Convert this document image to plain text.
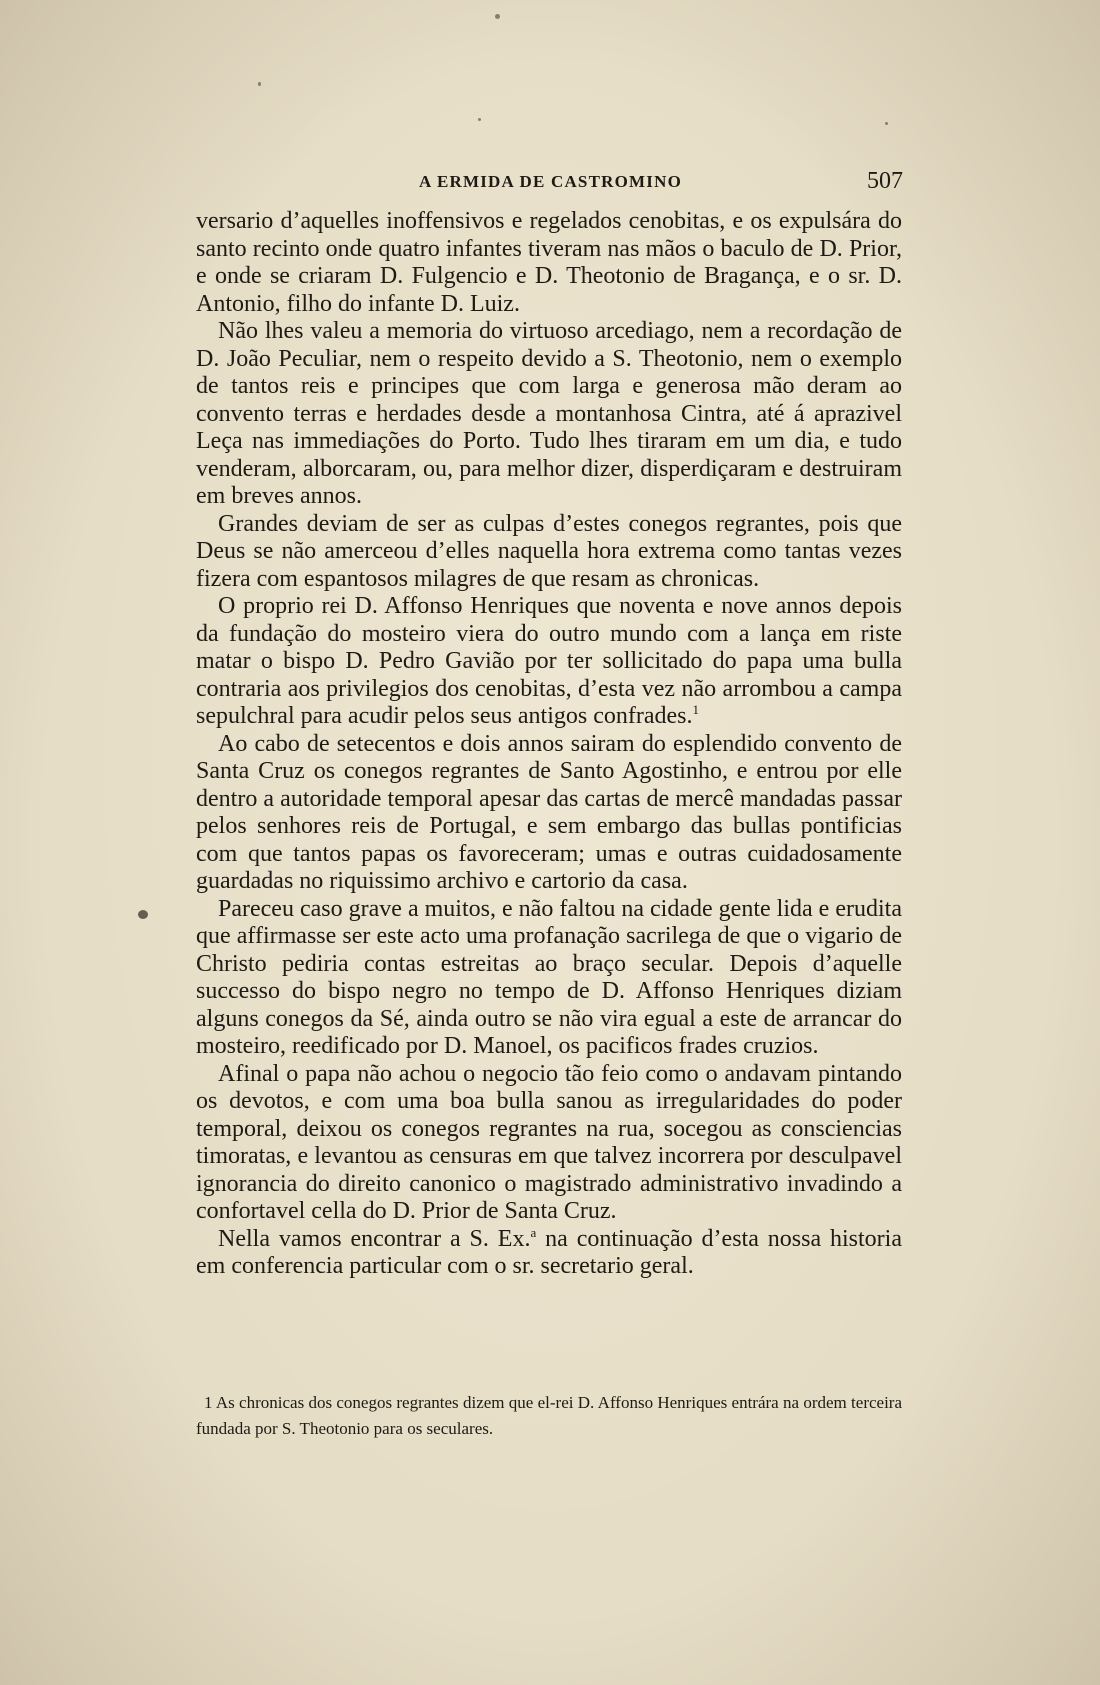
A ERMIDA DE CASTROMINO	507

versario d’aquelles inoffensivos e regelados cenobitas, e os expulsára do santo recinto onde quatro infantes tiveram nas mãos o baculo de D. Prior, e onde se criaram D. Fulgencio e D. Theotonio de Bragança, e o sr. D. Antonio, filho do infante D. Luiz.

Não lhes valeu a memoria do virtuoso arcediago, nem a recordação de D. João Peculiar, nem o respeito devido a S. Theotonio, nem o exemplo de tantos reis e principes que com larga e generosa mão deram ao convento terras e herdades desde a montanhosa Cintra, até á aprazivel Leça nas immediações do Porto. Tudo lhes tiraram em um dia, e tudo venderam, alborcaram, ou, para melhor dizer, disperdiçaram e destruiram em breves annos.

Grandes deviam de ser as culpas d’estes conegos regrantes, pois que Deus se não amerceou d’elles naquella hora extrema como tantas vezes fizera com espantosos milagres de que resam as chronicas.

O proprio rei D. Affonso Henriques que noventa e nove annos depois da fundação do mosteiro viera do outro mundo com a lança em riste matar o bispo D. Pedro Gavião por ter sollicitado do papa uma bulla contraria aos privilegios dos cenobitas, d’esta vez não arrombou a campa sepulchral para acudir pelos seus antigos confrades.$^1$

Ao cabo de setecentos e dois annos sairam do esplendido convento de Santa Cruz os conegos regrantes de Santo Agostinho, e entrou por elle dentro a autoridade temporal apesar das cartas de mercê mandadas passar pelos senhores reis de Portugal, e sem embargo das bullas pontificias com que tantos papas os favoreceram; umas e outras cuidadosamente guardadas no riquissimo archivo e cartorio da casa.

Pareceu caso grave a muitos, e não faltou na cidade gente lida e erudita que affirmasse ser este acto uma profanação sacrilega de que o vigario de Christo pediria contas estreitas ao braço secular. Depois d’aquelle successo do bispo negro no tempo de D. Affonso Henriques diziam alguns conegos da Sé, ainda outro se não vira egual a este de arrancar do mosteiro, reedificado por D. Manoel, os pacificos frades cruzios.

Afinal o papa não achou o negocio tão feio como o andavam pintando os devotos, e com uma boa bulla sanou as irregularidades do poder temporal, deixou os conegos regrantes na rua, socegou as consciencias timoratas, e levantou as censuras em que talvez incorrera por desculpavel ignorancia do direito canonico o magistrado administrativo invadindo a confortavel cella do D. Prior de Santa Cruz.

Nella vamos encontrar a S. Ex.$^a$ na continuação d’esta nossa historia em conferencia particular com o sr. secretario geral.

1 As chronicas dos conegos regrantes dizem que el-rei D. Affonso Henriques entrára na ordem terceira fundada por S. Theotonio para os seculares.
